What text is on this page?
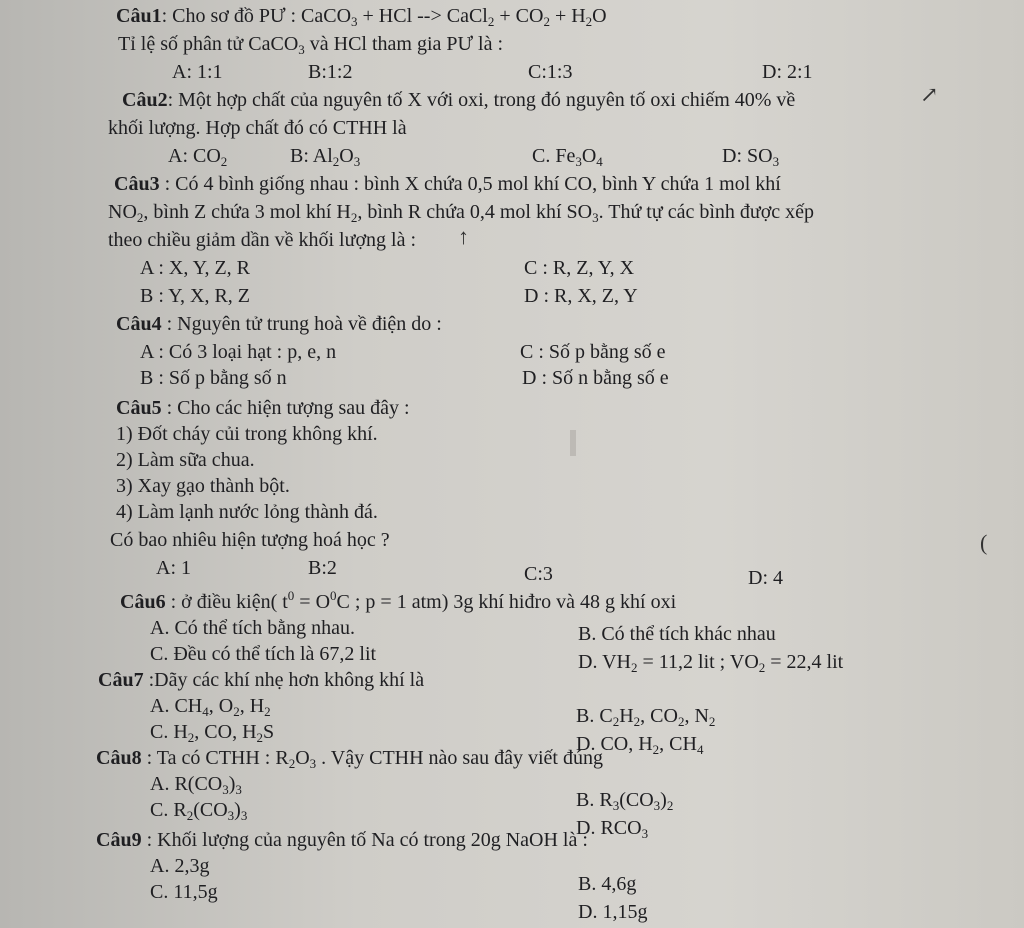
↗
↑
(
Câu1: Cho sơ đồ PƯ : CaCO$_3$ + HCl --> CaCl$_2$ + $CO_2 + H_2O$
Tỉ lệ số phân tử CaCO$_3$ và HCl tham gia PƯ là :
A: 1:1	B:1:2	C:1:3	D: 2:1
Câu2: Một hợp chất của nguyên tố X với oxi, trong đó nguyên tố oxi chiếm 40% về
khối lượng. Hợp chất đó có CTHH là
A: $CO_2$	B: $Al_2O_3$	C. $Fe_3O_4$	D: $SO_3$
Câu3 : Có 4 bình giống nhau : bình X chứa 0,5 mol khí CO, bình Y chứa 1 mol khí
$NO_2$, bình Z chứa 3 mol khí $H_2$, bình R chứa 0,4 mol khí $SO_3$. Thứ tự các bình được xếp
theo chiều giảm dần về khối lượng là :
A : X, Y, Z, R	C : R, Z, Y, X
B : Y, X, R, Z	D : R, X, Z, Y
Câu4 : Nguyên tử trung hoà về điện do :
A : Có 3 loại hạt : p, e, n	C : Số p bằng số e
B : Số p bằng số n	D : Số n bằng số e
Câu5 : Cho các hiện tượng sau đây :
1) Đốt cháy củi trong không khí.
2) Làm sữa chua.
3) Xay gạo thành bột.
4) Làm lạnh nước lỏng thành đá.
Có bao nhiêu hiện tượng hoá học ?
A: 1	B:2	C:3	D: 4
Câu6 : ở điều kiện( $t^0 = O^0C$ ; p = 1 atm) 3g khí hiđro và 48 g khí oxi
A. Có thể tích bằng nhau.	B. Có thể tích khác nhau
C. Đều có thể tích là 67,2 lit	D. $VH_2 = 11,2$ lit ; $VO_2 = 22,4$ lit
Câu7 :Dãy các khí nhẹ hơn không khí là
A. $CH_4$, $O_2$, $H_2$	B. $C_2H_2$, $CO_2$, $N_2$
C. $H_2$, CO, $H_2S$
D. CO, $H_2$, $CH_4$
Câu8 : Ta có CTHH : $R_2O_3$ . Vậy CTHH nào sau đây viết đúng
A. $R(CO_3)_3$	B. $R_3(CO_3)_2$
C. $R_2(CO_3)_3$
D. $RCO_3$
Câu9 : Khối lượng của nguyên tố Na có trong 20g NaOH là :
A. 2,3g
B. 4,6g
C. 11,5g
D. 1,15g
